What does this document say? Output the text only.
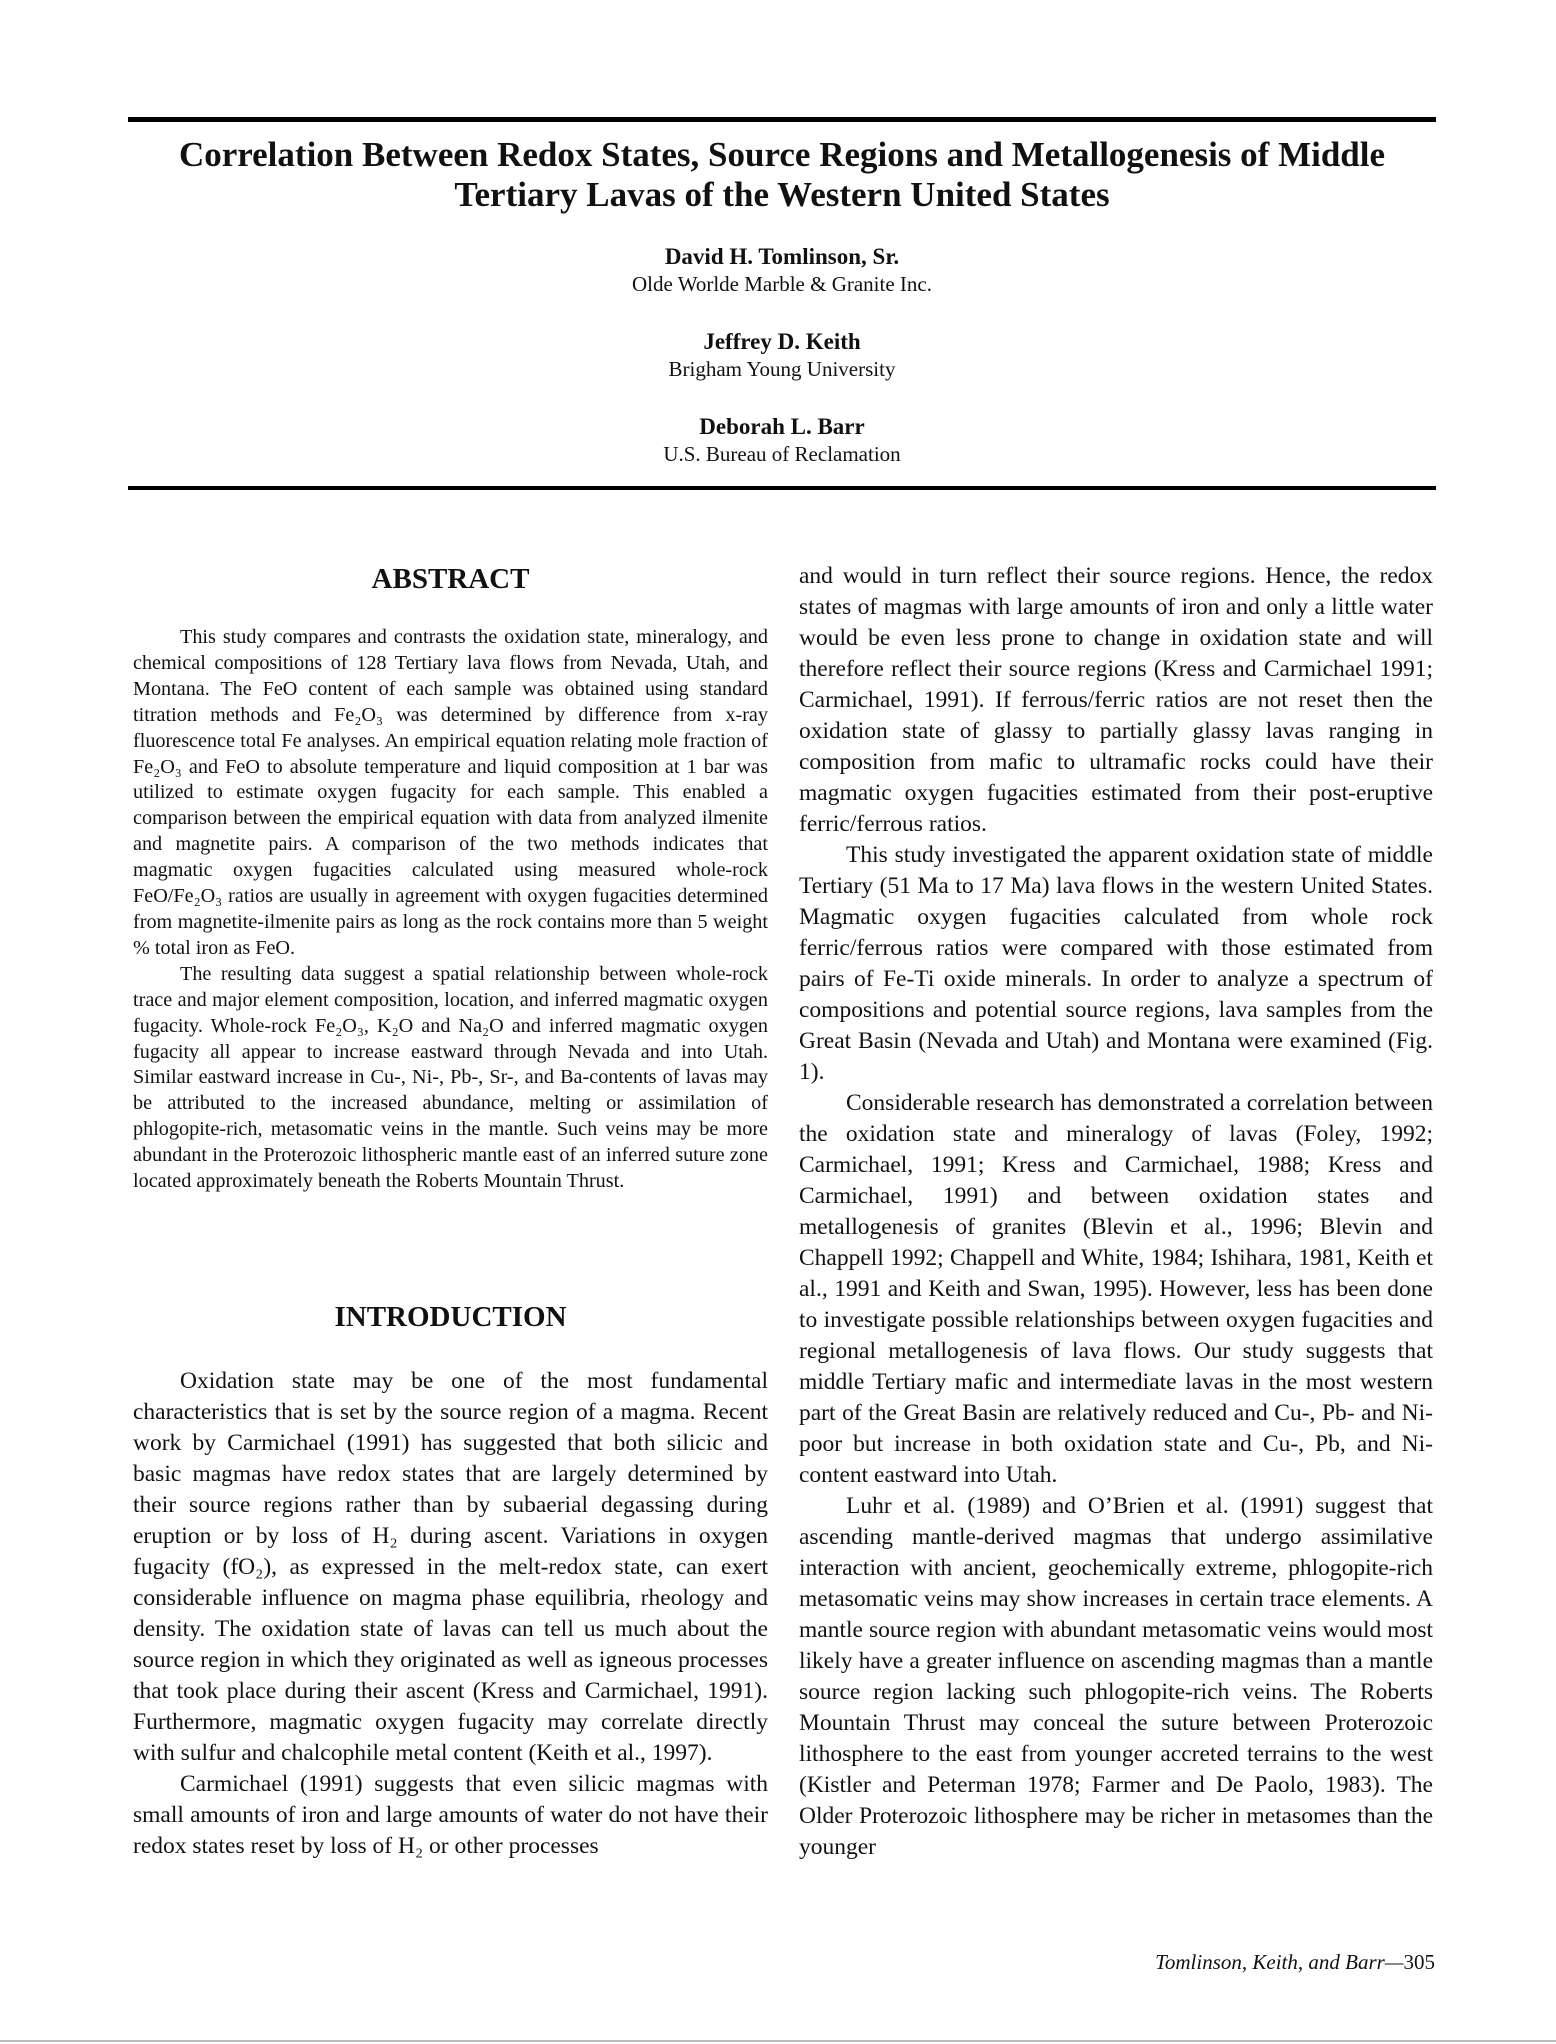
Correlation Between Redox States, Source Regions and Metallogenesis of Middle Tertiary Lavas of the Western United States
David H. Tomlinson, Sr.
Olde Worlde Marble & Granite Inc.
Jeffrey D. Keith
Brigham Young University
Deborah L. Barr
U.S. Bureau of Reclamation
ABSTRACT

This study compares and contrasts the oxidation state, mineralogy, and chemical compositions of 128 Tertiary lava flows from Nevada, Utah, and Montana. The FeO content of each sample was obtained using standard titration methods and Fe₂O₃ was determined by difference from x-ray fluorescence total Fe analyses. An empirical equation relating mole fraction of Fe₂O₃ and FeO to absolute temperature and liquid composition at 1 bar was utilized to estimate oxygen fugacity for each sample. This enabled a comparison between the empirical equation with data from analyzed ilmenite and magnetite pairs. A comparison of the two methods indicates that magmatic oxygen fugacities calculated using measured whole-rock FeO/Fe₂O₃ ratios are usually in agreement with oxygen fugacities determined from magnetite-ilmenite pairs as long as the rock contains more than 5 weight % total iron as FeO.

The resulting data suggest a spatial relationship between whole-rock trace and major element composition, location, and inferred magmatic oxygen fugacity. Whole-rock Fe₂O₃, K₂O and Na₂O and inferred magmatic oxygen fugacity all appear to increase eastward through Nevada and into Utah. Similar eastward increase in Cu-, Ni-, Pb-, Sr-, and Ba-contents of lavas may be attributed to the increased abundance, melting or assimilation of phlogopite-rich, metasomatic veins in the mantle. Such veins may be more abundant in the Proterozoic lithospheric mantle east of an inferred suture zone located approximately beneath the Roberts Mountain Thrust.

INTRODUCTION

Oxidation state may be one of the most fundamental characteristics that is set by the source region of a magma. Recent work by Carmichael (1991) has suggested that both silicic and basic magmas have redox states that are largely determined by their source regions rather than by subaerial degassing during eruption or by loss of H₂ during ascent. Variations in oxygen fugacity (fO₂), as expressed in the melt-redox state, can exert considerable influence on magma phase equilibria, rheology and density. The oxidation state of lavas can tell us much about the source region in which they originated as well as igneous processes that took place during their ascent (Kress and Carmichael, 1991). Furthermore, magmatic oxygen fugacity may correlate directly with sulfur and chalcophile metal content (Keith et al., 1997).

Carmichael (1991) suggests that even silicic magmas with small amounts of iron and large amounts of water do not have their redox states reset by loss of H₂ or other processes

and would in turn reflect their source regions. Hence, the redox states of magmas with large amounts of iron and only a little water would be even less prone to change in oxidation state and will therefore reflect their source regions (Kress and Carmichael 1991; Carmichael, 1991). If ferrous/ferric ratios are not reset then the oxidation state of glassy to partially glassy lavas ranging in composition from mafic to ultramafic rocks could have their magmatic oxygen fugacities estimated from their post-eruptive ferric/ferrous ratios.

This study investigated the apparent oxidation state of middle Tertiary (51 Ma to 17 Ma) lava flows in the western United States. Magmatic oxygen fugacities calculated from whole rock ferric/ferrous ratios were compared with those estimated from pairs of Fe-Ti oxide minerals. In order to analyze a spectrum of compositions and potential source regions, lava samples from the Great Basin (Nevada and Utah) and Montana were examined (Fig. 1).

Considerable research has demonstrated a correlation between the oxidation state and mineralogy of lavas (Foley, 1992; Carmichael, 1991; Kress and Carmichael, 1988; Kress and Carmichael, 1991) and between oxidation states and metallogenesis of granites (Blevin et al., 1996; Blevin and Chappell 1992; Chappell and White, 1984; Ishihara, 1981, Keith et al., 1991 and Keith and Swan, 1995). However, less has been done to investigate possible relationships between oxygen fugacities and regional metallogenesis of lava flows. Our study suggests that middle Tertiary mafic and intermediate lavas in the most western part of the Great Basin are relatively reduced and Cu-, Pb- and Ni-poor but increase in both oxidation state and Cu-, Pb, and Ni-content eastward into Utah.

Luhr et al. (1989) and O’Brien et al. (1991) suggest that ascending mantle-derived magmas that undergo assimilative interaction with ancient, geochemically extreme, phlogopite-rich metasomatic veins may show increases in certain trace elements. A mantle source region with abundant metasomatic veins would most likely have a greater influence on ascending magmas than a mantle source region lacking such phlogopite-rich veins. The Roberts Mountain Thrust may conceal the suture between Proterozoic lithosphere to the east from younger accreted terrains to the west (Kistler and Peterman 1978; Farmer and De Paolo, 1983). The Older Proterozoic lithosphere may be richer in metasomes than the younger

Tomlinson, Keith, and Barr—305
